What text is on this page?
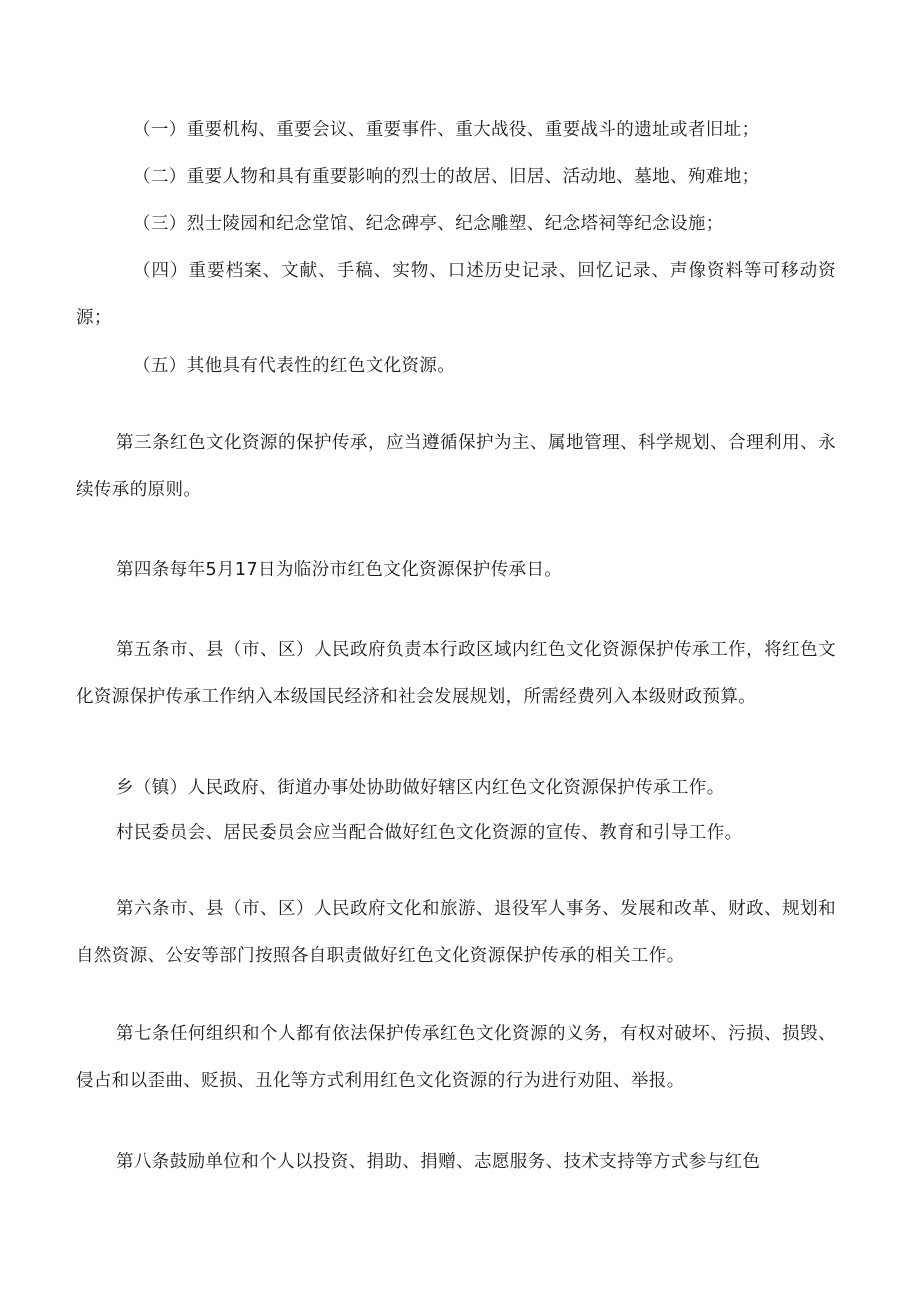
（一）重要机构、重要会议、重要事件、重大战役、重要战斗的遗址或者旧址；

（二）重要人物和具有重要影响的烈士的故居、旧居、活动地、墓地、殉难地；

（三）烈士陵园和纪念堂馆、纪念碑亭、纪念雕塑、纪念塔祠等纪念设施；

（四）重要档案、文献、手稿、实物、口述历史记录、回忆记录、声像资料等可移动资源；

（五）其他具有代表性的红色文化资源。

第三条红色文化资源的保护传承，应当遵循保护为主、属地管理、科学规划、合理利用、永续传承的原则。

第四条每年5月17日为临汾市红色文化资源保护传承日。

第五条市、县（市、区）人民政府负责本行政区域内红色文化资源保护传承工作，将红色文化资源保护传承工作纳入本级国民经济和社会发展规划，所需经费列入本级财政预算。

乡（镇）人民政府、街道办事处协助做好辖区内红色文化资源保护传承工作。

村民委员会、居民委员会应当配合做好红色文化资源的宣传、教育和引导工作。

第六条市、县（市、区）人民政府文化和旅游、退役军人事务、发展和改革、财政、规划和自然资源、公安等部门按照各自职责做好红色文化资源保护传承的相关工作。

第七条任何组织和个人都有依法保护传承红色文化资源的义务，有权对破坏、污损、损毁、侵占和以歪曲、贬损、丑化等方式利用红色文化资源的行为进行劝阻、举报。

第八条鼓励单位和个人以投资、捐助、捐赠、志愿服务、技术支持等方式参与红色
